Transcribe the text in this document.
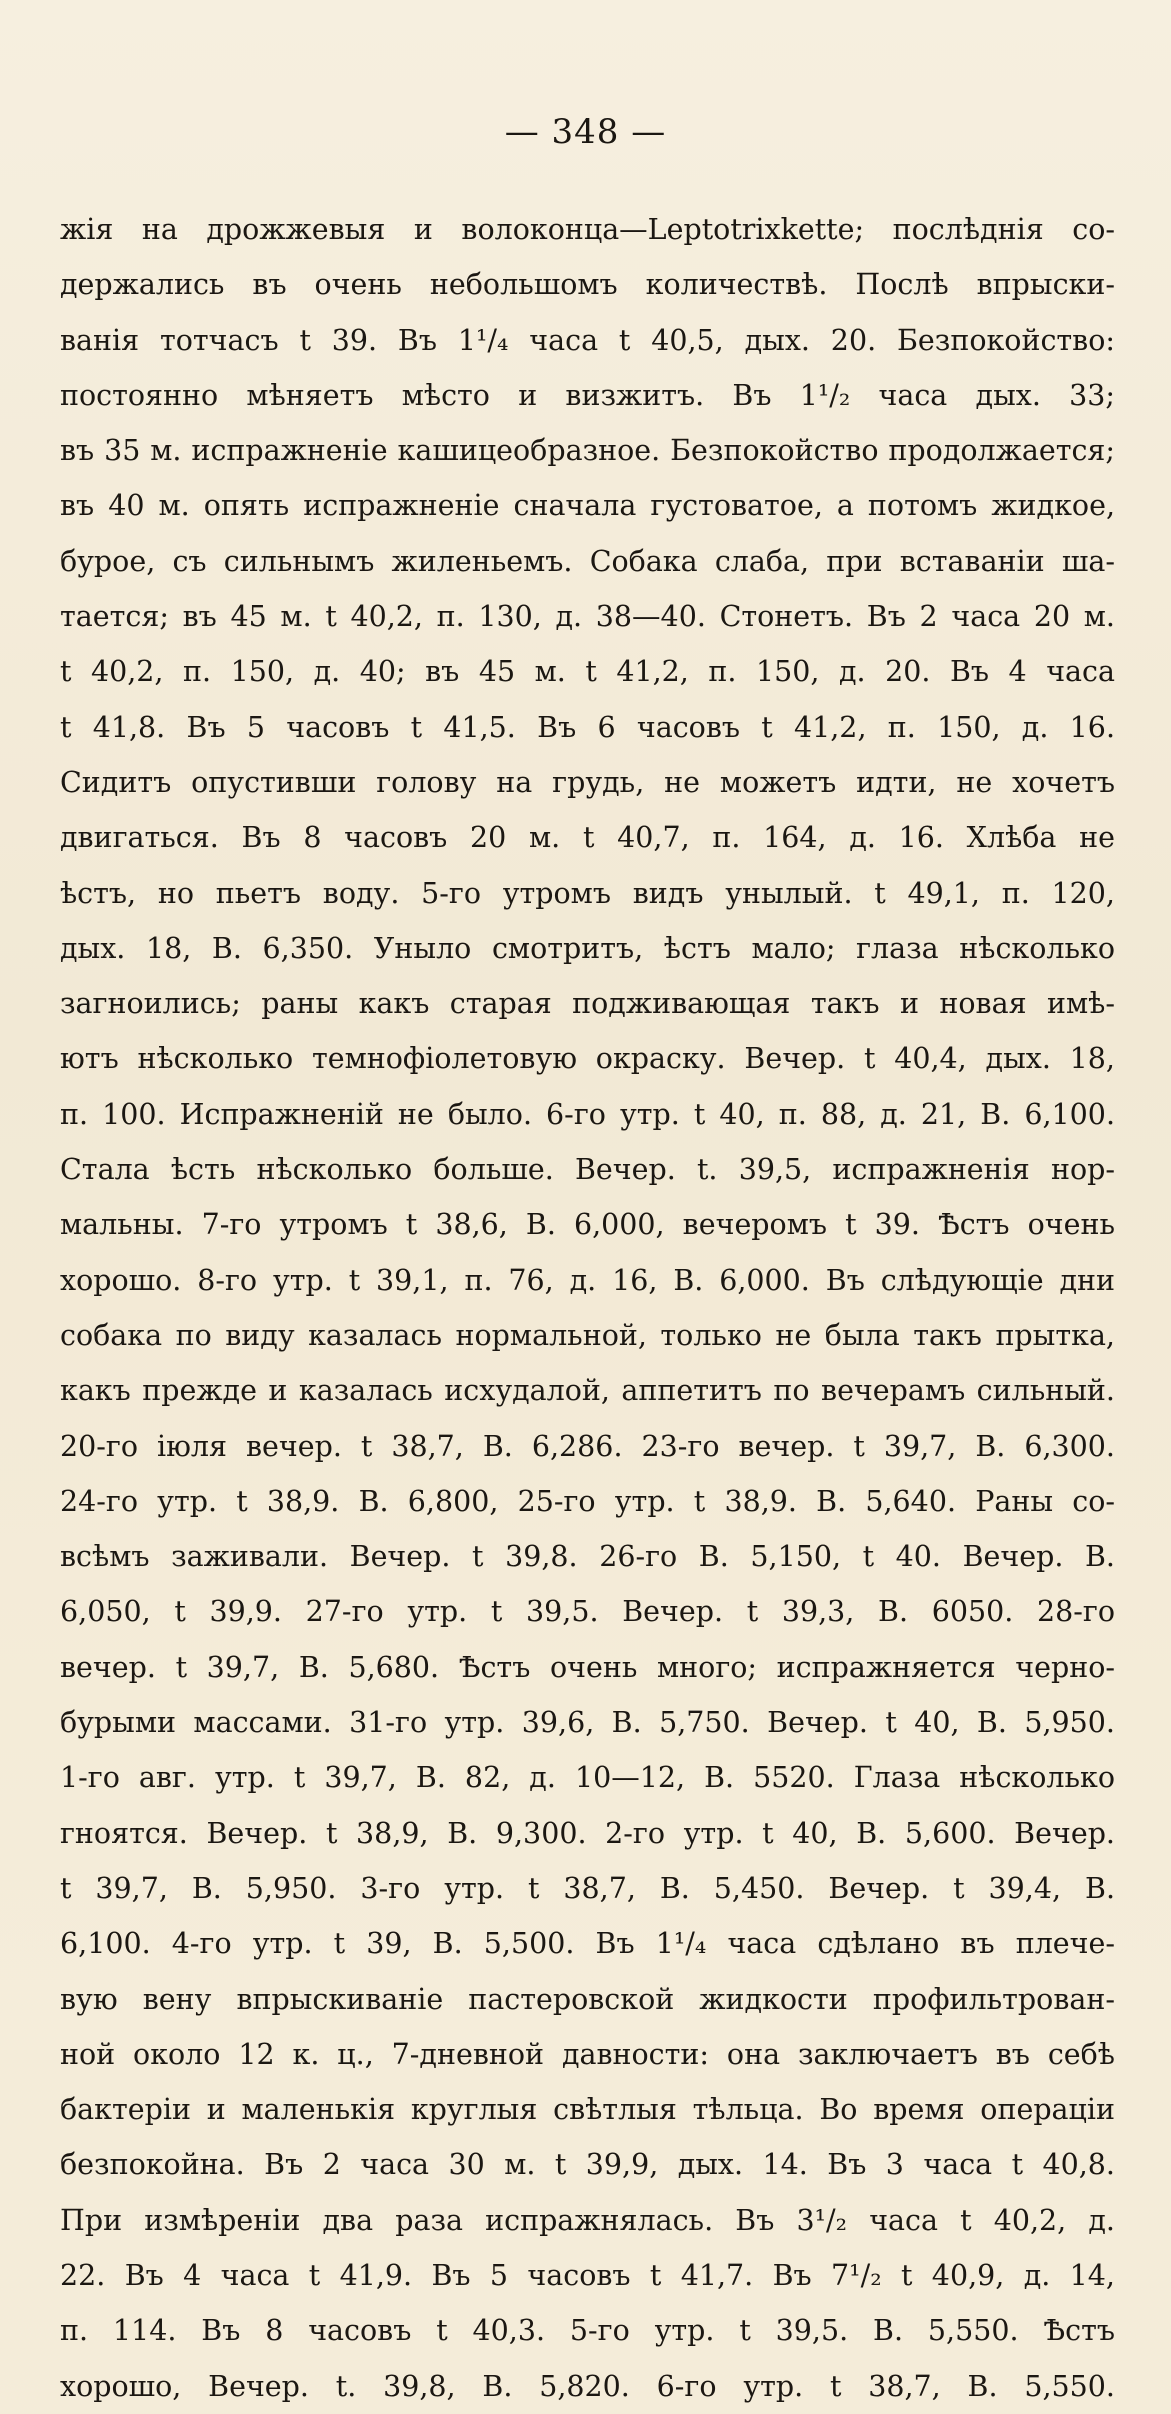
— 348 —
жія на дрожжевыя и волоконца—Leptotrixkette; послѣднія со-
держались въ очень небольшомъ количествѣ. Послѣ впрыски-
ванія тотчасъ t 39. Въ 1¹/₄ часа t 40,5, дых. 20. Безпокойство:
постоянно мѣняетъ мѣсто и визжитъ. Въ 1¹/₂ часа дых. 33;
въ 35 м. испражненіе кашицеобразное. Безпокойство продолжается;
въ 40 м. опять испражненіе сначала густоватое, а потомъ жидкое,
бурое, съ сильнымъ жиленьемъ. Собака слаба, при вставаніи ша-
тается; въ 45 м. t 40,2, п. 130, д. 38—40. Стонетъ. Въ 2 часа 20 м.
t 40,2, п. 150, д. 40; въ 45 м. t 41,2, п. 150, д. 20. Въ 4 часа
t 41,8. Въ 5 часовъ t 41,5. Въ 6 часовъ t 41,2, п. 150, д. 16.
Сидитъ опустивши голову на грудь, не можетъ идти, не хочетъ
двигаться. Въ 8 часовъ 20 м. t 40,7, п. 164, д. 16. Хлѣба не
ѣстъ, но пьетъ воду. 5-го утромъ видъ унылый. t 49,1, п. 120,
дых. 18, В. 6,350. Уныло смотритъ, ѣстъ мало; глаза нѣсколько
загноились; раны какъ старая подживающая такъ и новая имѣ-
ютъ нѣсколько темнофіолетовую окраску. Вечер. t 40,4, дых. 18,
п. 100. Испражненій не было. 6-го утр. t 40, п. 88, д. 21, В. 6,100.
Стала ѣсть нѣсколько больше. Вечер. t. 39,5, испражненія нор-
мальны. 7-го утромъ t 38,6, В. 6,000, вечеромъ t 39. Ѣстъ очень
хорошо. 8-го утр. t 39,1, п. 76, д. 16, В. 6,000. Въ слѣдующіе дни
собака по виду казалась нормальной, только не была такъ прытка,
какъ прежде и казалась исхудалой, аппетитъ по вечерамъ сильный.
20-го іюля вечер. t 38,7, В. 6,286. 23-го вечер. t 39,7, В. 6,300.
24-го утр. t 38,9. В. 6,800, 25-го утр. t 38,9. В. 5,640. Раны со-
всѣмъ заживали. Вечер. t 39,8. 26-го В. 5,150, t 40. Вечер. В.
6,050, t 39,9. 27-го утр. t 39,5. Вечер. t 39,3, В. 6050. 28-го
вечер. t 39,7, В. 5,680. Ѣстъ очень много; испражняется черно-
бурыми массами. 31-го утр. 39,6, В. 5,750. Вечер. t 40, В. 5,950.
1-го авг. утр. t 39,7, В. 82, д. 10—12, В. 5520. Глаза нѣсколько
гноятся. Вечер. t 38,9, В. 9,300. 2-го утр. t 40, В. 5,600. Вечер.
t 39,7, В. 5,950. 3-го утр. t 38,7, В. 5,450. Вечер. t 39,4, В.
6,100. 4-го утр. t 39, В. 5,500. Въ 1¹/₄ часа сдѣлано въ плече-
вую вену впрыскиваніе пастеровской жидкости профильтрован-
ной около 12 к. ц., 7-дневной давности: она заключаетъ въ себѣ
бактеріи и маленькія круглыя свѣтлыя тѣльца. Во время операціи
безпокойна. Въ 2 часа 30 м. t 39,9, дых. 14. Въ 3 часа t 40,8.
При измѣреніи два раза испражнялась. Въ 3¹/₂ часа t 40,2, д.
22. Въ 4 часа t 41,9. Въ 5 часовъ t 41,7. Въ 7¹/₂ t 40,9, д. 14,
п. 114. Въ 8 часовъ t 40,3. 5-го утр. t 39,5. В. 5,550. Ѣстъ
хорошо, Вечер. t. 39,8, В. 5,820. 6-го утр. t 38,7, В. 5,550.
